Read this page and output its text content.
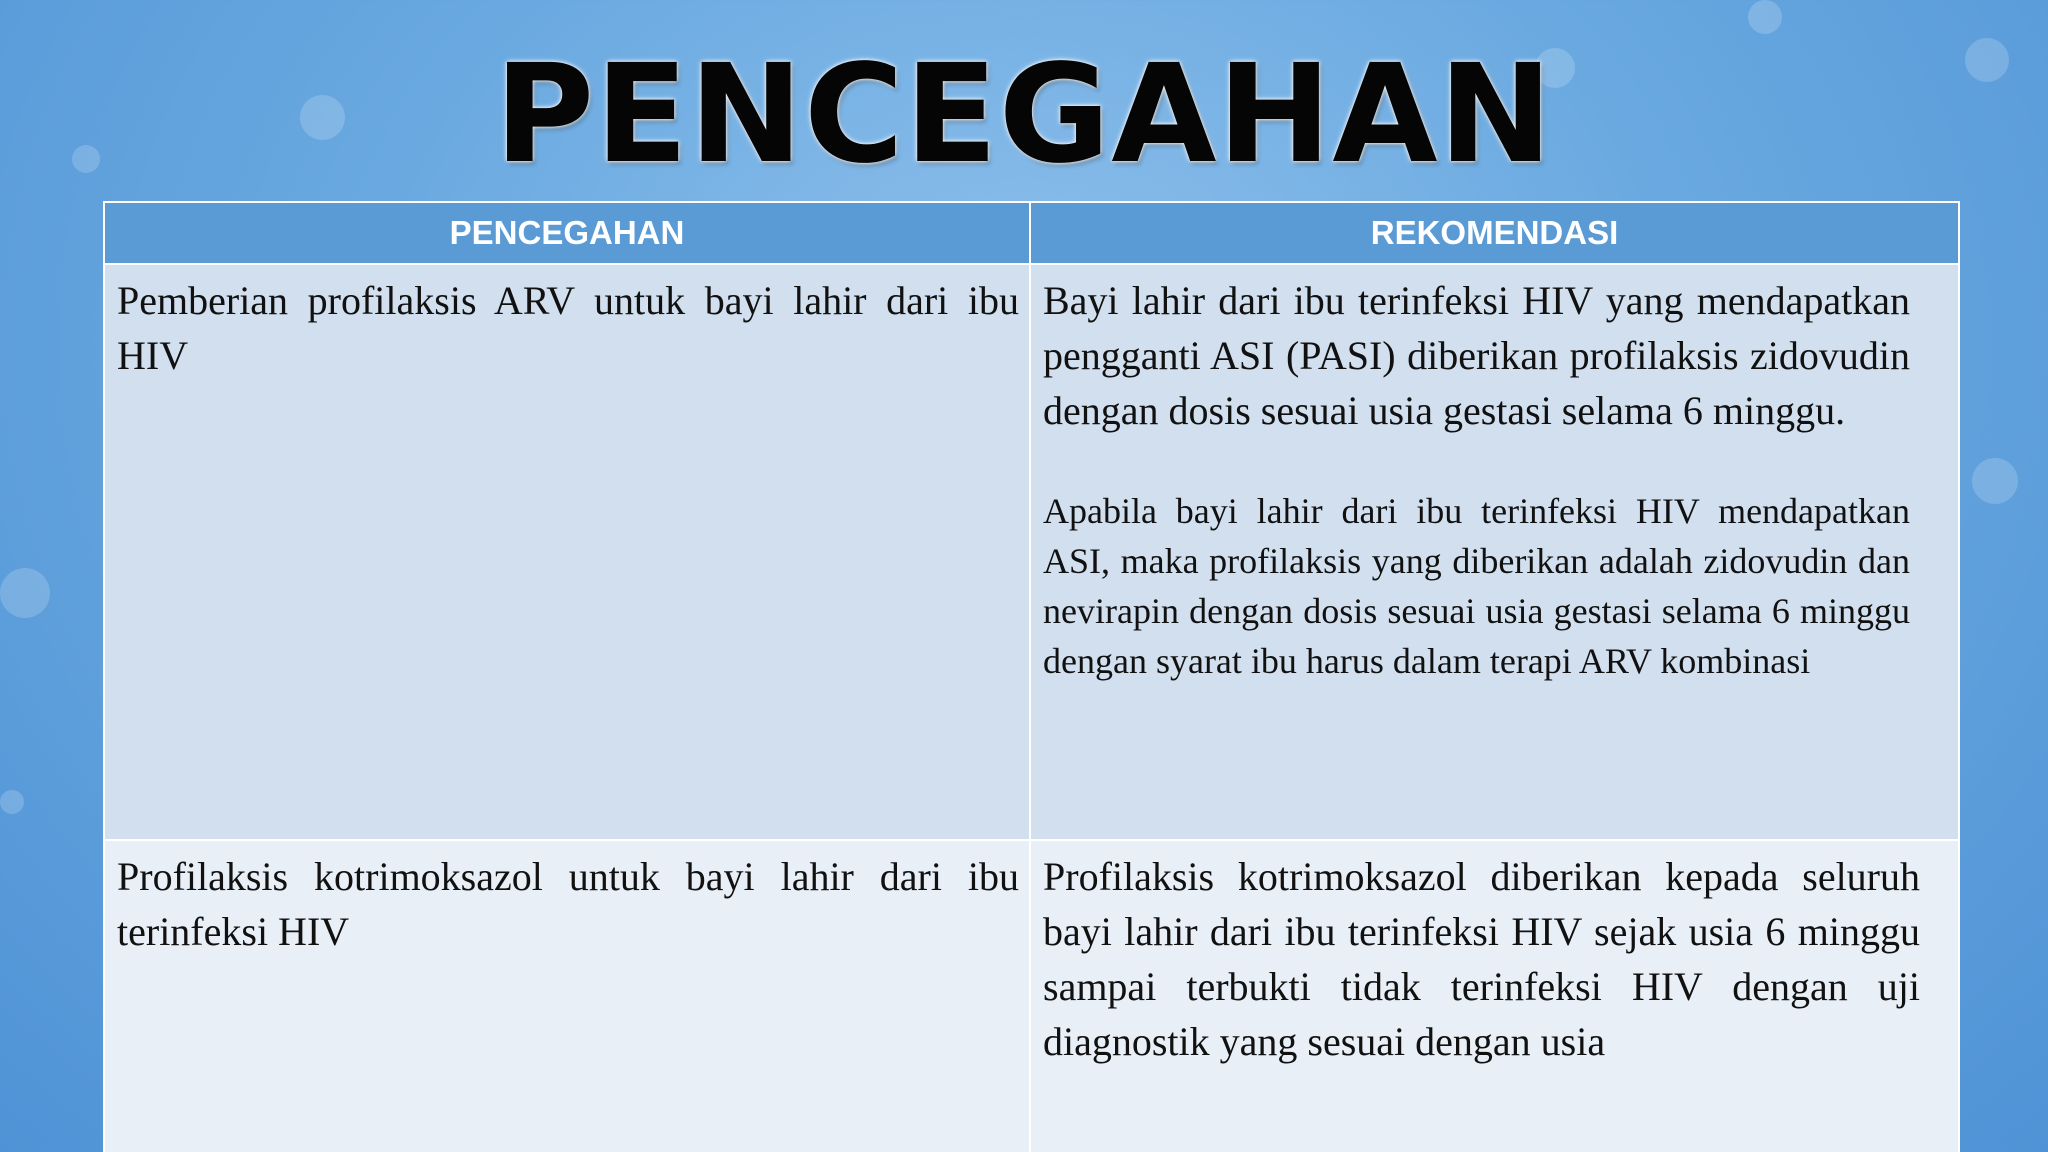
PENCEGAHAN
PENCEGAHAN	REKOMENDASI

Pemberian profilaksis ARV untuk bayi lahir dari ibu HIV	Bayi lahir dari ibu terinfeksi HIV yang mendapatkan pengganti ASI (PASI) diberikan profilaksis zidovudin dengan dosis sesuai usia gestasi selama 6 minggu.

Apabila bayi lahir dari ibu terinfeksi HIV mendapatkan ASI, maka profilaksis yang diberikan adalah zidovudin dan nevirapin dengan dosis sesuai usia gestasi selama 6 minggu dengan syarat ibu harus dalam terapi ARV kombinasi

Profilaksis kotrimoksazol untuk bayi lahir dari ibu terinfeksi HIV	Profilaksis kotrimoksazol diberikan kepada seluruh bayi lahir dari ibu terinfeksi HIV sejak usia 6 minggu sampai terbukti tidak terinfeksi HIV dengan uji diagnostik yang sesuai dengan usia
